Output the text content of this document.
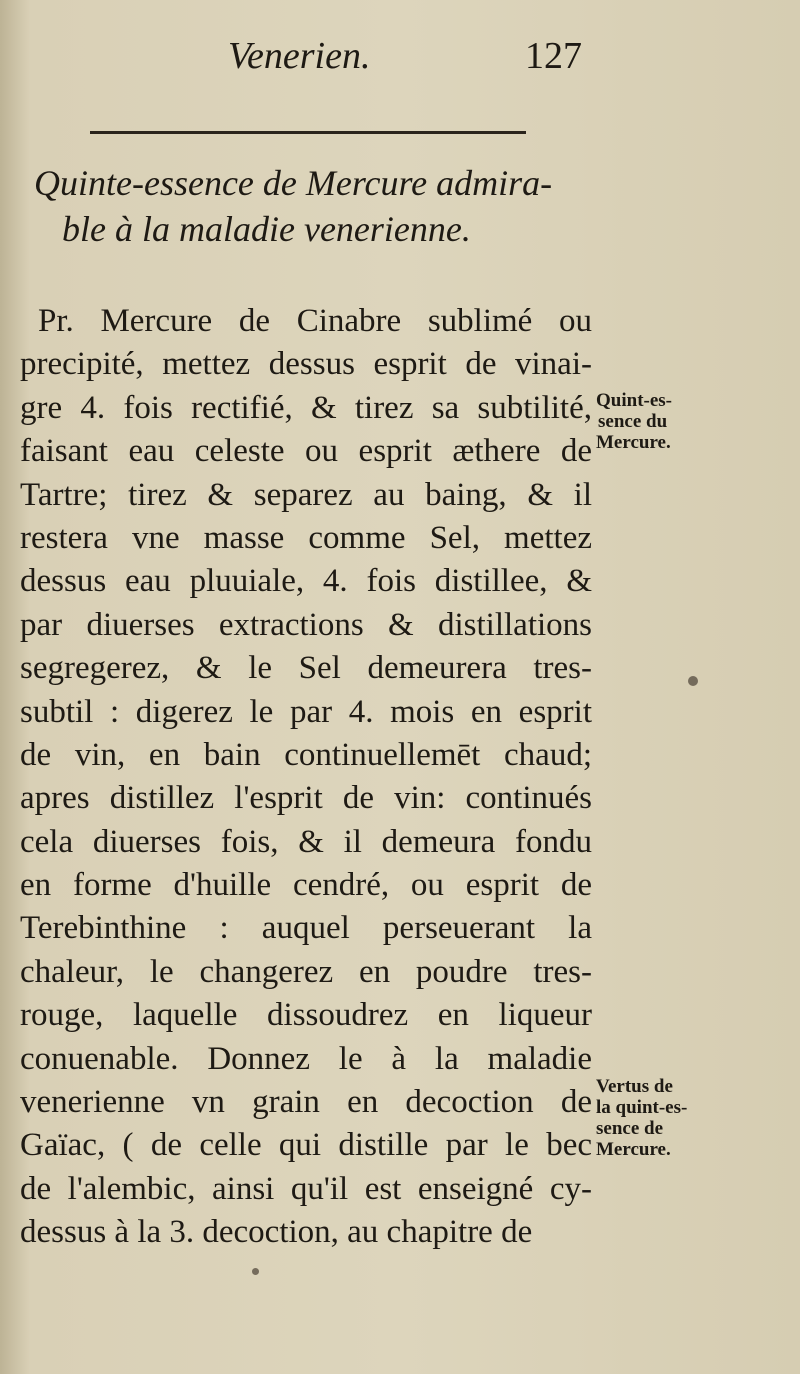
Venerien.	127
Quinte-essence de Mercure admira-
ble à la maladie venerienne.
Pr. Mercure de Cinabre sublimé ou
precipité, mettez dessus esprit de vinai-
gre 4. fois rectifié, & tirez sa subtilité,
faisant eau celeste ou esprit æthere de
Tartre; tirez & separez au baing, & il
restera vne masse comme Sel, mettez
dessus eau pluuiale, 4. fois distillee, &
par diuerses extractions & distillations
segregerez, & le Sel demeurera tres-
subtil : digerez le par 4. mois en esprit
de vin, en bain continuellemēt chaud;
apres distillez l'esprit de vin: continués
cela diuerses fois, & il demeura fondu
en forme d'huille cendré, ou esprit de
Terebinthine : auquel perseuerant la
chaleur, le changerez en poudre tres-
rouge, laquelle dissoudrez en liqueur
conuenable. Donnez le à la maladie
venerienne vn grain en decoction de
Gaïac, ( de celle qui distille par le bec
de l'alembic, ainsi qu'il est enseigné cy-
dessus à la 3. decoction, au chapitre de
Quint-es-
sence du
Mercure.
Vertus de
la quint-es-
sence de
Mercure.
